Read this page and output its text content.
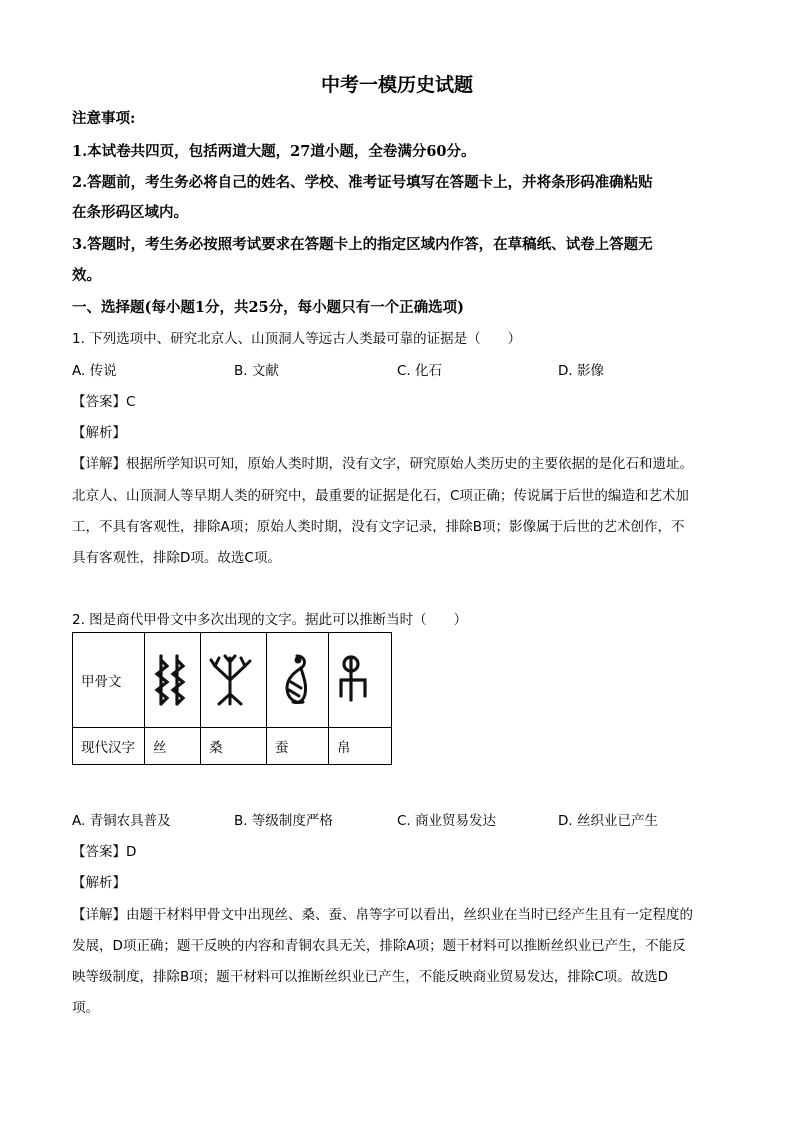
中考一模历史试题
注意事项:
1.本试卷共四页，包括两道大题，27道小题，全卷满分60分。
2.答题前，考生务必将自己的姓名、学校、准考证号填写在答题卡上，并将条形码准确粘贴
在条形码区域内。
3.答题时，考生务必按照考试要求在答题卡上的指定区域内作答，在草稿纸、试卷上答题无
效。
一、选择题(每小题1分，共25分，每小题只有一个正确选项)
1. 下列选项中、研究北京人、山顶洞人等远古人类最可靠的证据是（　　）
A. 传说	B. 文献	C. 化石	D. 影像
【答案】C
【解析】
【详解】根据所学知识可知，原始人类时期，没有文字，研究原始人类历史的主要依据的是化石和遗址。
北京人、山顶洞人等早期人类的研究中，最重要的证据是化石，C项正确；传说属于后世的编造和艺术加
工，不具有客观性，排除A项；原始人类时期，没有文字记录，排除B项；影像属于后世的艺术创作，不
具有客观性，排除D项。故选C项。
2. 图是商代甲骨文中多次出现的文字。据此可以推断当时（　　）
甲骨文	

现代汉字	丝	桑	蚕	帛
A. 青铜农具普及	B. 等级制度严格	C. 商业贸易发达	D. 丝织业已产生
【答案】D
【解析】
【详解】由题干材料甲骨文中出现丝、桑、蚕、帛等字可以看出，丝织业在当时已经产生且有一定程度的
发展，D项正确；题干反映的内容和青铜农具无关，排除A项；题干材料可以推断丝织业已产生，不能反
映等级制度，排除B项；题干材料可以推断丝织业已产生，不能反映商业贸易发达，排除C项。故选D
项。
